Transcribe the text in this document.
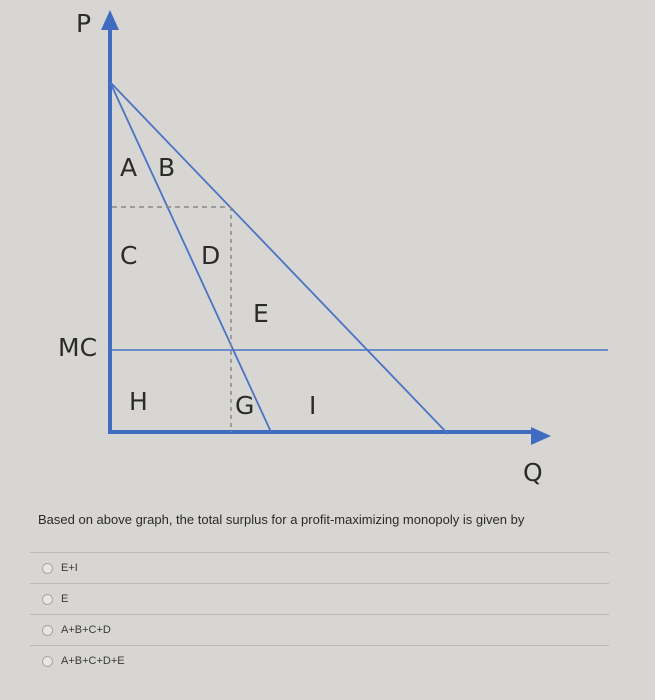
P
Q
MC
A B
C	D
E
H	G I
Based on above graph, the total surplus for a profit-maximizing monopoly is given by
E+I
E
A+B+C+D
A+B+C+D+E
